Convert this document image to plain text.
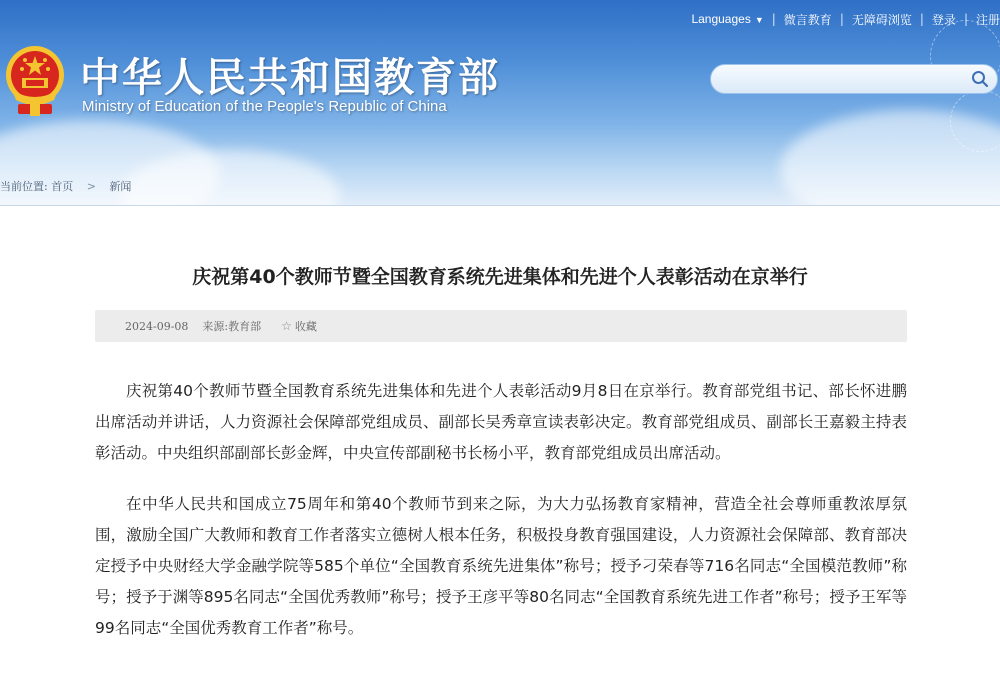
中华人民共和国教育部
Ministry of Education of the People's Republic of China
Languages ▼ | 微言教育 | 无障碍浏览 | 登录 | 注册
当前位置: 首页 > 新闻
庆祝第40个教师节暨全国教育系统先进集体和先进个人表彰活动在京举行
2024-09-08 来源:教育部 ☆ 收藏

庆祝第40个教师节暨全国教育系统先进集体和先进个人表彰活动9月8日在京举行。教育部党组书记、部长怀进鹏出席活动并讲话，人力资源社会保障部党组成员、副部长吴秀章宣读表彰决定。教育部党组成员、副部长王嘉毅主持表彰活动。中央组织部副部长彭金辉，中央宣传部副秘书长杨小平，教育部党组成员出席活动。

在中华人民共和国成立75周年和第40个教师节到来之际，为大力弘扬教育家精神，营造全社会尊师重教浓厚氛围，激励全国广大教师和教育工作者落实立德树人根本任务，积极投身教育强国建设，人力资源社会保障部、教育部决定授予中央财经大学金融学院等585个单位“全国教育系统先进集体”称号；授予刁荣春等716名同志“全国模范教师”称号；授予于渊等895名同志“全国优秀教师”称号；授予王彦平等80名同志“全国教育系统先进工作者”称号；授予王军等99名同志“全国优秀教育工作者”称号。
